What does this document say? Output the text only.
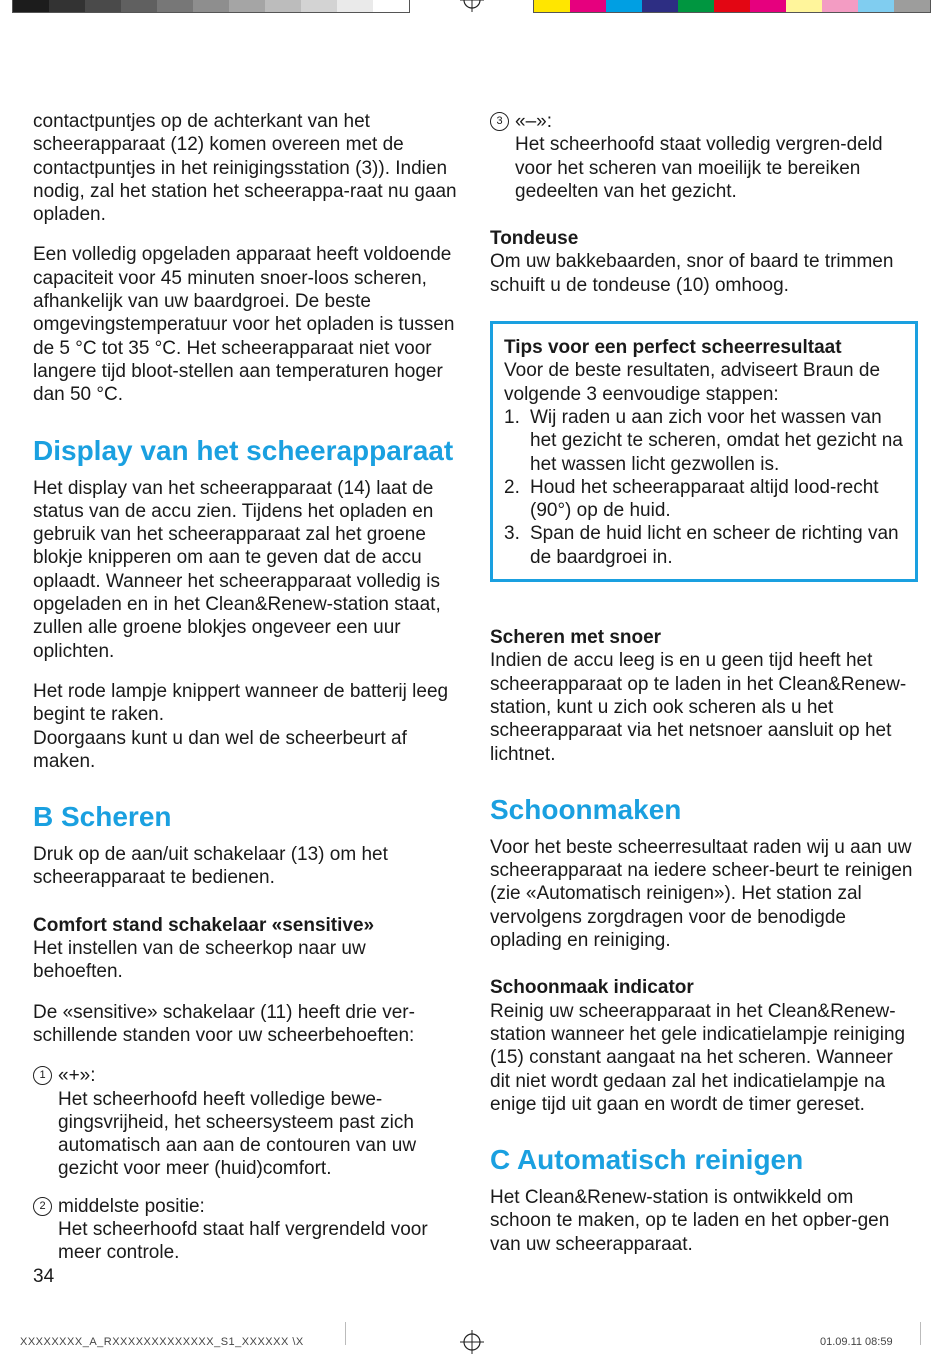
contactpuntjes op de achterkant van het scheerapparaat (12) komen overeen met de contactpuntjes in het reinigingsstation (3)). Indien nodig, zal het station het scheerappa-raat nu gaan opladen.

Een volledig opgeladen apparaat heeft voldoende capaciteit voor 45 minuten snoer-loos scheren, afhankelijk van uw baardgroei. De beste omgevingstemperatuur voor het opladen is tussen de 5 °C tot 35 °C. Het scheerapparaat niet voor langere tijd bloot-stellen aan temperaturen hoger dan 50 °C.

Display van het scheerapparaat

Het display van het scheerapparaat (14) laat de status van de accu zien. Tijdens het opladen en gebruik van het scheerapparaat zal het groene blokje knipperen om aan te geven dat de accu oplaadt. Wanneer het scheerapparaat volledig is opgeladen en in het Clean&Renew-station staat, zullen alle groene blokjes ongeveer een uur oplichten.

Het rode lampje knippert wanneer de batterij leeg begint te raken.
Doorgaans kunt u dan wel de scheerbeurt af maken.

B Scheren

Druk op de aan/uit schakelaar (13) om het scheerapparaat te bedienen.

Comfort stand schakelaar «sensitive»

Het instellen van de scheerkop naar uw behoeften.

De «sensitive» schakelaar (11) heeft drie ver-schillende standen voor uw scheerbehoeften:

1 «+»:
Het scheerhoofd heeft volledige bewe-gingsvrijheid, het scheersysteem past zich automatisch aan aan de contouren van uw gezicht voor meer (huid)comfort.
2 middelste positie:
Het scheerhoofd staat half vergrendeld voor meer controle.
3 «–»:
Het scheerhoofd staat volledig vergren-deld voor het scheren van moeilijk te bereiken gedeelten van het gezicht.
Tondeuse

Om uw bakkebaarden, snor of baard te trimmen schuift u de tondeuse (10) omhoog.

Tips voor een perfect scheerresultaat
Voor de beste resultaten, adviseert Braun de volgende 3 eenvoudige stappen:
1. Wij raden u aan zich voor het wassen van het gezicht te scheren, omdat het gezicht na het wassen licht gezwollen is.
2. Houd het scheerapparaat altijd lood-recht (90°) op de huid.
3. Span de huid licht en scheer de richting van de baardgroei in.
Scheren met snoer

Indien de accu leeg is en u geen tijd heeft het scheerapparaat op te laden in het Clean&Renew-station, kunt u zich ook scheren als u het scheerapparaat via het netsnoer aansluit op het lichtnet.

Schoonmaken

Voor het beste scheerresultaat raden wij u aan uw scheerapparaat na iedere scheer-beurt te reinigen (zie «Automatisch reinigen»). Het station zal vervolgens zorgdragen voor de benodigde oplading en reiniging.

Schoonmaak indicator

Reinig uw scheerapparaat in het Clean&Renew-station wanneer het gele indicatielampje reiniging (15) constant aangaat na het scheren. Wanneer dit niet wordt gedaan zal het indicatielampje na enige tijd uit gaan en wordt de timer gereset.

C Automatisch reinigen

Het Clean&Renew-station is ontwikkeld om schoon te maken, op te laden en het opber-gen van uw scheerapparaat.

34
XXXXXXXX_A_RXXXXXXXXXXXXX_S1_XXXXXX \X	01.09.11 08:59
